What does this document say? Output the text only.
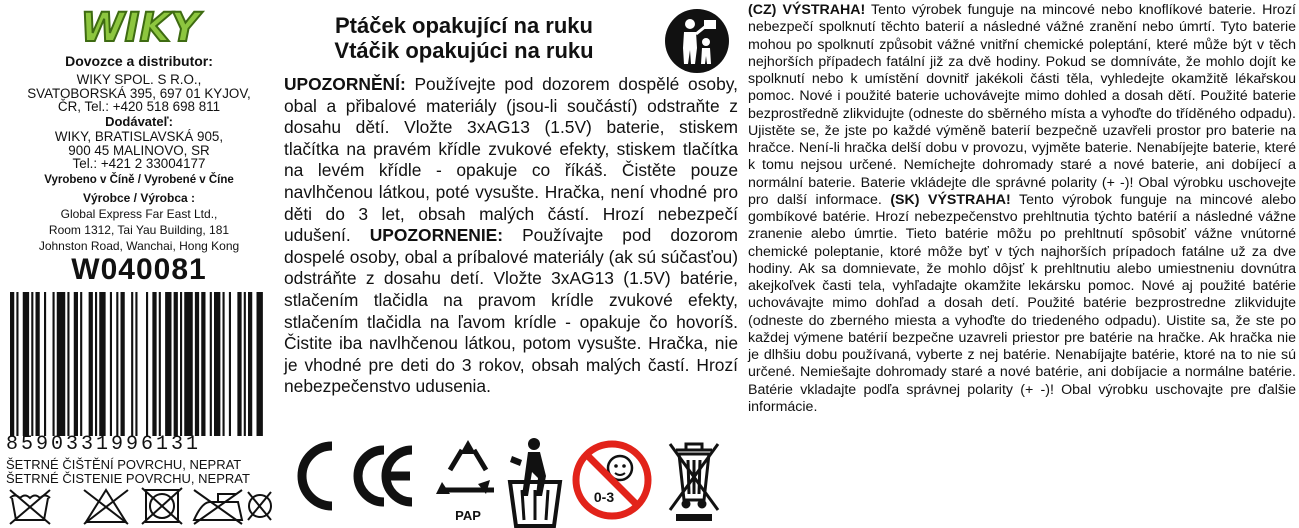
WIKY
Dovozce a distributor:
WIKY SPOL. S R.O.,
SVATOBORSKÁ 395, 697 01 KYJOV,
ČR, Tel.: +420 518 698 811
Dodávateľ:
WIKY, BRATISLAVSKÁ 905,
900 45 MALINOVO, SR
Tel.: +421 2 33004177
Vyrobeno v Číně / Vyrobené v Číne
Výrobce / Výrobca :
Global Express Far East Ltd.,
Room 1312, Tai Yau Building, 181
Johnston Road, Wanchai, Hong Kong
W040081
8590331996131
ŠETRNÉ ČIŠTĚNÍ POVRCHU, NEPRAT
ŠETRNÉ ČISTENIE POVRCHU, NEPRAT
Ptáček opakující na ruku
Vtáčik opakujúci na ruku
UPOZORNĚNÍ: Používejte pod dozorem dospělé osoby, obal a přibalové materiály (jsou-li součástí) odstraňte z dosahu dětí. Vložte 3xAG13 (1.5V) baterie, stiskem tlačítka na pravém křídle zvukové efekty, stiskem tlačítka na levém křídle - opakuje co říkáš. Čistěte pouze navlhčenou látkou, poté vysušte. Hračka, není vhodné pro děti do 3 let, obsah malých částí. Hrozí nebezpečí udušení. UPOZORNENIE: Používajte pod dozorom dospelé osoby, obal a príbalové materiály (ak sú súčasťou) odstráňte z dosahu detí. Vložte 3xAG13 (1.5V) batérie, stlačením tlačidla na pravom krídle zvukové efekty, stlačením tlačidla na ľavom krídle - opakuje čo hovoríš. Čistite iba navlhčenou látkou, potom vysušte. Hračka, nie je vhodné pre deti do 3 rokov, obsah malých častí. Hrozí nebezpečenstvo udusenia.
PAP
0-3
(CZ) VÝSTRAHA! Tento výrobek funguje na mincové nebo knoflíkové baterie. Hrozí nebezpečí spolknutí těchto baterií a následné vážné zranění nebo úmrtí. Tyto baterie mohou po spolknutí způsobit vážné vnitřní chemické poleptání, které může být v těch nejhorších případech fatální již za dvě hodiny. Pokud se domníváte, že mohlo dojít ke spolknutí nebo k umístění dovnitř jakékoli části těla, vyhledejte okamžitě lékařskou pomoc. Nové i použité baterie uchovávejte mimo dohled a dosah dětí. Použité baterie bezprostředně zlikvidujte (odneste do sběrného místa a vyhoďte do tříděného odpadu). Ujistěte se, že jste po každé výměně baterií bezpečně uzavřeli prostor pro baterie na hračce. Není-li hračka delší dobu v provozu, vyjměte baterie. Nenabíjejte baterie, které k tomu nejsou určené. Nemíchejte dohromady staré a nové baterie, ani dobíjecí a normální baterie. Baterie vkládejte dle správné polarity (+ -)! Obal výrobku uschovejte pro další informace. (SK) VÝSTRAHA! Tento výrobok funguje na mincové alebo gombíkové batérie. Hrozí nebezpečenstvo prehltnutia týchto batérií a následné vážne zranenie alebo úmrtie. Tieto batérie môžu po prehltnutí spôsobiť vážne vnútorné chemické poleptanie, ktoré môže byť v tých najhorších prípadoch fatálne už za dve hodiny. Ak sa domnievate, že mohlo dôjsť k prehltnutiu alebo umiestneniu dovnútra akejkoľvek časti tela, vyhľadajte okamžite lekársku pomoc. Nové aj použité batérie uchovávajte mimo dohľad a dosah detí. Použité batérie bezprostredne zlikvidujte (odneste do zberného miesta a vyhoďte do triedeného odpadu). Uistite sa, že ste po každej výmene batérií bezpečne uzavreli priestor pre batérie na hračke. Ak hračka nie je dlhšiu dobu používaná, vyberte z nej batérie. Nenabíjajte batérie, ktoré na to nie sú určené. Nemiešajte dohromady staré a nové batérie, ani dobíjacie a normálne batérie. Batérie vkladajte podľa správnej polarity (+ -)! Obal výrobku uschovajte pre ďalšie informácie.
